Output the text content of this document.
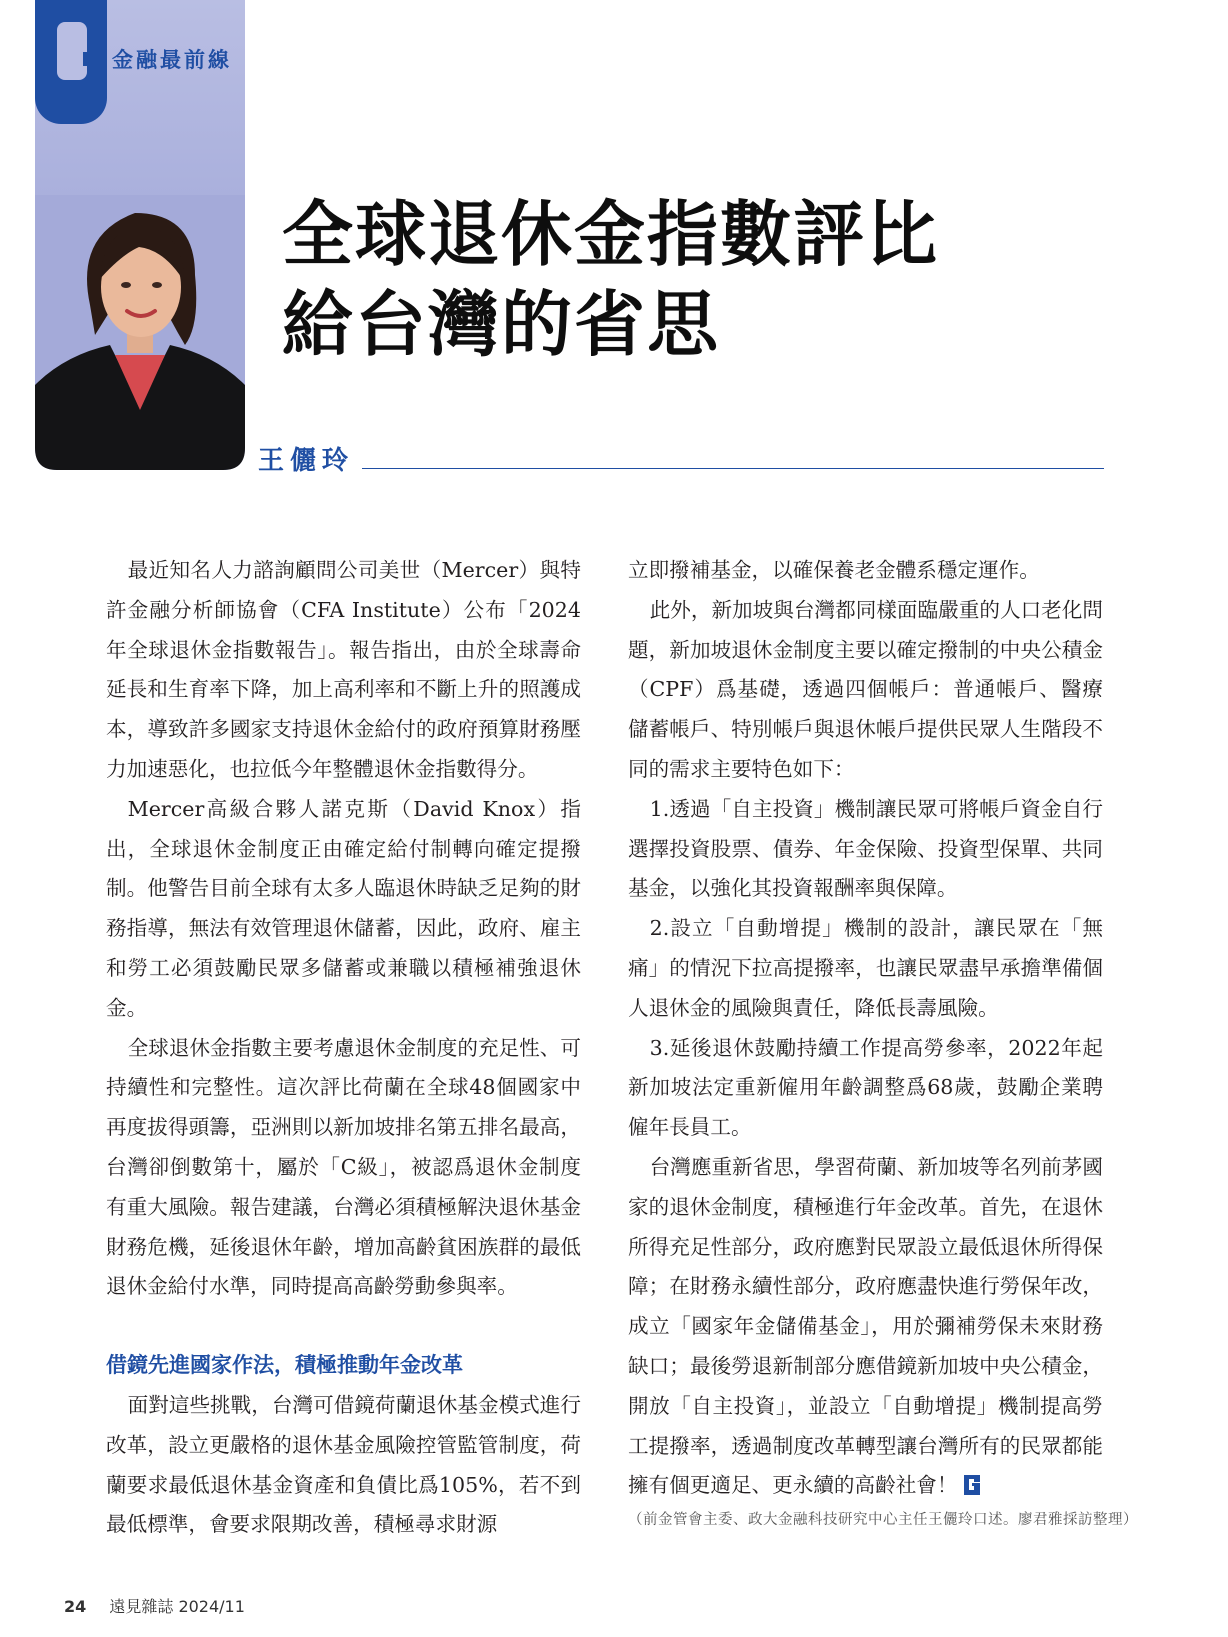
金融最前線
全球退休金指數評比
給台灣的省思
王儷玲

最近知名人力諮詢顧問公司美世（Mercer）與特許金融分析師協會（CFA Institute）公布「2024年全球退休金指數報告」。報告指出，由於全球壽命延長和生育率下降，加上高利率和不斷上升的照護成本，導致許多國家支持退休金給付的政府預算財務壓力加速惡化，也拉低今年整體退休金指數得分。

Mercer高級合夥人諾克斯（David Knox）指出，全球退休金制度正由確定給付制轉向確定提撥制。他警告目前全球有太多人臨退休時缺乏足夠的財務指導，無法有效管理退休儲蓄，因此，政府、雇主和勞工必須鼓勵民眾多儲蓄或兼職以積極補強退休金。

全球退休金指數主要考慮退休金制度的充足性、可持續性和完整性。這次評比荷蘭在全球48個國家中再度拔得頭籌，亞洲則以新加坡排名第五排名最高，台灣卻倒數第十，屬於「C級」，被認爲退休金制度有重大風險。報告建議，台灣必須積極解決退休基金財務危機，延後退休年齡，增加高齡貧困族群的最低退休金給付水準，同時提高高齡勞動參與率。

借鏡先進國家作法，積極推動年金改革

面對這些挑戰，台灣可借鏡荷蘭退休基金模式進行改革，設立更嚴格的退休基金風險控管監管制度，荷蘭要求最低退休基金資產和負債比爲105%，若不到最低標準，會要求限期改善，積極尋求財源

立即撥補基金，以確保養老金體系穩定運作。

此外，新加坡與台灣都同樣面臨嚴重的人口老化問題，新加坡退休金制度主要以確定撥制的中央公積金（CPF）爲基礎，透過四個帳戶：普通帳戶、醫療儲蓄帳戶、特別帳戶與退休帳戶提供民眾人生階段不同的需求主要特色如下：

1.透過「自主投資」機制讓民眾可將帳戶資金自行選擇投資股票、債券、年金保險、投資型保單、共同基金，以強化其投資報酬率與保障。

2.設立「自動增提」機制的設計，讓民眾在「無痛」的情況下拉高提撥率，也讓民眾盡早承擔準備個人退休金的風險與責任，降低長壽風險。

3.延後退休鼓勵持續工作提高勞參率，2022年起新加坡法定重新僱用年齡調整爲68歲，鼓勵企業聘僱年長員工。

台灣應重新省思，學習荷蘭、新加坡等名列前茅國家的退休金制度，積極進行年金改革。首先，在退休所得充足性部分，政府應對民眾設立最低退休所得保障；在財務永續性部分，政府應盡快進行勞保年改，成立「國家年金儲備基金」，用於彌補勞保未來財務缺口；最後勞退新制部分應借鏡新加坡中央公積金，開放「自主投資」，並設立「自動增提」機制提高勞工提撥率，透過制度改革轉型讓台灣所有的民眾都能擁有個更適足、更永續的高齡社會！

（前金管會主委、政大金融科技研究中心主任王儷玲口述。廖君雅採訪整理）
24 遠見雜誌 2024/11
